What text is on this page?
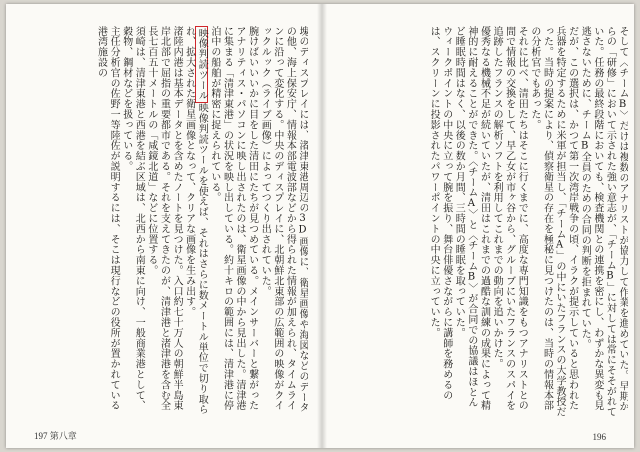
塊のディスプレイには、渚津東港周辺の3D画像に、衛星画像や海図などのデータの他、海上保安庁、情報本部電波部などから得られた情報が加えられ、タイムラインに沿って変化する。中央のディスプレイに、北朝鮮北東部の広範囲の映像がクイックルック（ライブ画像）によってつくり出されていた。

腕けばいいいかに目をした清田にたちが見つめている。メインサーバーと繋がったアナリティス・パソコンに映し出されたのは、衛星画像の中から見出した。清津港に集まる「清津東港」の状況を映し出している。約十キロの範囲には、清津港に停泊中の船舶が精密に捉えられている。

映像判読ツール映像判読ツールを使えば、それはさらに数メートル単位で切り取られ、拡大された衛星画像となって、クリアな画像を生み出す。

渚陸内港は基本データとを含めたノートを見つけた。入口約七十万人の朝鮮半島東岸北部で屈指の重要都市である。それを支えてきたのが、清津港と渚津港を含む全長七百五十メートルの「咸鏡北道」などに位置する。

須崎は、清津東港と西港を結ぶ区域は、北西から南東に向け、一般商業港として、穀物、鋼材などを扱っている。

主任分析官の佐野一等陸佐が説明するには、そこは現行などの役所が置かれている港湾施設の

197 第八章

そして〈チームB〉だけは複数のアナリストが協力して作業を進めていた。早期からの「研修」において示された強い意志が、「チームB」に対しては常にそそがれていた。任務の最終段階においても、検査機関との連携を密にし、わずかな異変も見逃さないために、チームB全員のための合同の判断を拒まれていた。

だが、この選択は、かつて第一次湾岸戦争の頃、イラクが提示していると思われた兵器を特定するために米軍が担当し、「チームA」の中にいたフランスの大学教授だった。当時の提案により、偵察衛星の存在を極秘に見つけたのは、当時の情報本部の分析官でもあった。

それに比べ、清田たちはそこに行くまでに、高度な専門知識をもつアナリストとの間で情報の交換をして、早乙女が市ヶ谷から、グルーブにいたフランスのスパイを追跡したフランスの解析ソフトを利用してこれまでの動向を追いかけた。

優秀なる機械不足が続いていたが、清田はこれまでの過酷な訓練の成果によって精神的に耐えることができた。〈チームA〉と〈チームB〉が合同での協議はほとんど睡眠時間はなく、以後の数か月間、三時間の睡眠を取っていた。

ウィークポイントの中央に立って腕を振り、舞台俳優さながらに講師を務めるのは、スクリーンに投影されたパワーポイントの中央に立っていた。

196
